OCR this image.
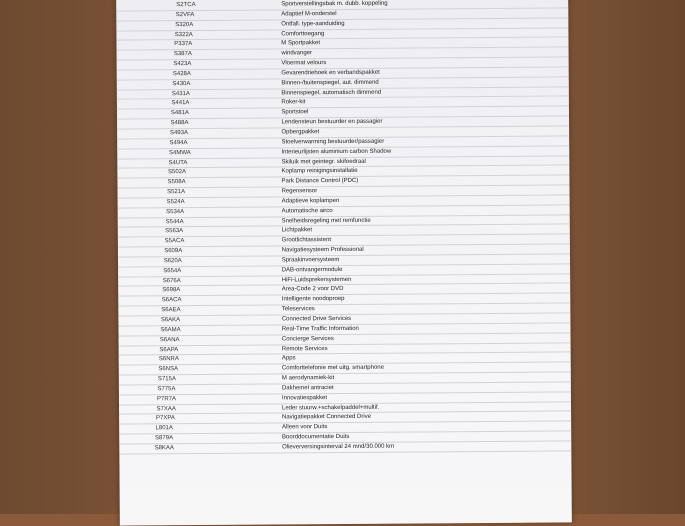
S2TCA	Sportverstellingsbak m. dubb. koppeling
S2VFA	Adaptief M-onderstel
S320A	Ontfall. type-aanduiding
S322A	Comforttoegang
P337A	M Sportpakket
S387A	windvanger
S423A	Vloermat velours
S428A	Gevarendriehoek en verbandspakket
S430A	Binnen-/buitenspiegel, aut. dimmend
S431A	Binnenspiegel, automatisch dimmend
S441A	Roker-kit
S481A	Sportstoel
S488A	Lendensteun bestuurder en passagier
S493A	Opbergpakket
S494A	Stoelverwarming bestuurder/passagier
S4MWA	Interieurlijsten aluminium carbon Shadow
S4UTA	Skiluik met geintegr. skifoedraal
S502A	Koplamp reinigingsinstallatie
S508A	Park Distance Control (PDC)
S521A	Regensensor
S524A	Adaptieve koplampen
S534A	Automatische airco
S544A	Snelheidsregeling met remfunctie
S563A	Lichtpakket
S5ACA	Grootlichtassistent
S609A	Navigatiesysteem Professional
S620A	Spraakinvoersysteem
S654A	DAB-ontvangermodule
S676A	HiFi-Luidsprekersystemen
S698A	Area-Code 2 voor DVD
S6ACA	Intelligente noodoproep
S6AEA	Teleservices
S6AKA	Connected Drive Services
S6AMA	Real-Time Traffic Information
S6ANA	Concierge Services
S6APA	Remote Services
S6NRA	Apps
S6NSA	Comforttelefonie met uitg. smartphone
S715A	M aerodynamiek-kit
S775A	Dakhemel antraciet
P7R7A	Innovatiespakket
S7XAA	Leder stuurw.+schakelpaddel+multif.
P7XPA	Navigatiepakket Connected Drive
L801A	Alleen voor Duits
S879A	Boorddocumentatie Duits
S8KAA	Olieverversingsinterval 24 mnd/30.000 km
